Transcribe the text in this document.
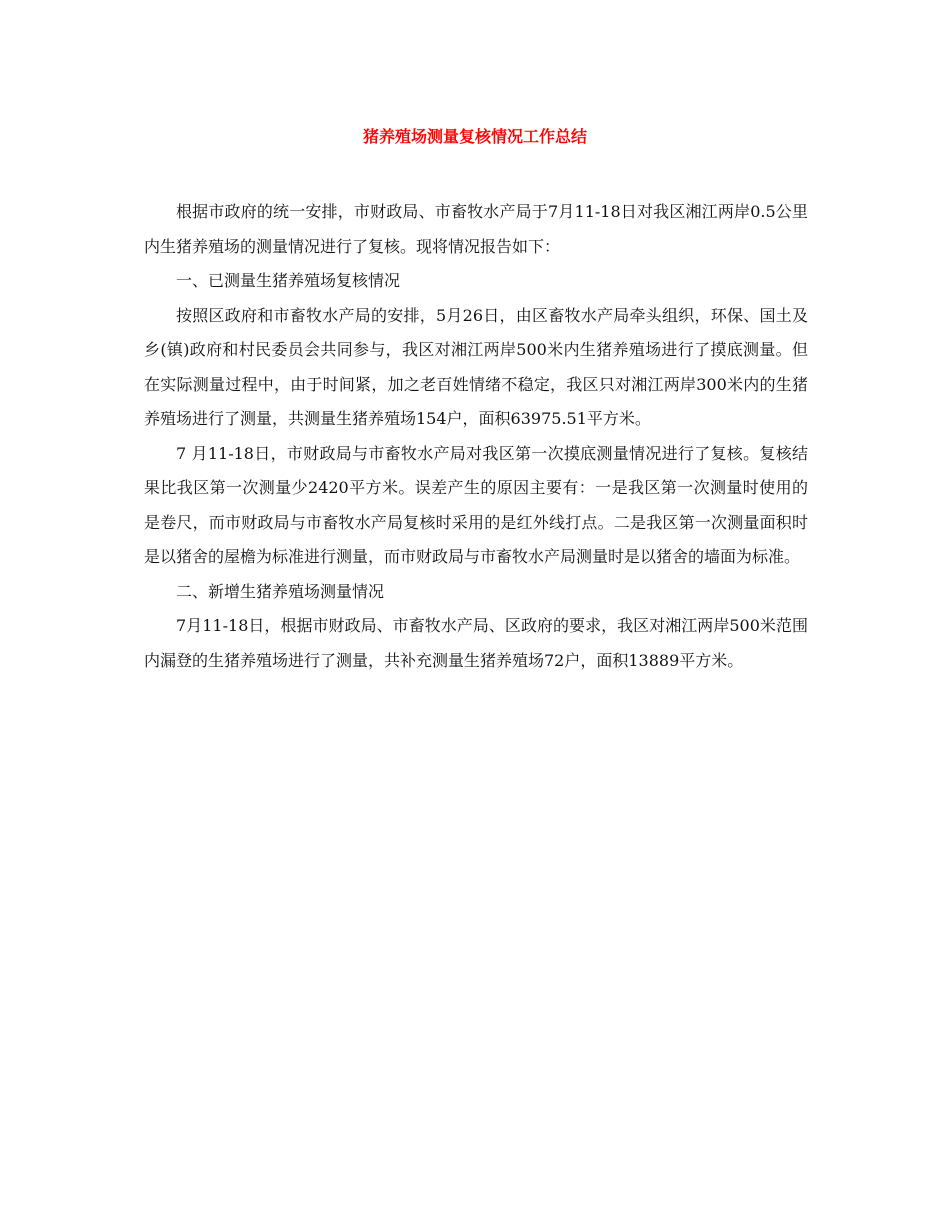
猪养殖场测量复核情况工作总结

根据市政府的统一安排，市财政局、市畜牧水产局于7月11-18日对我区湘江两岸0.5公里内生猪养殖场的测量情况进行了复核。现将情况报告如下：

一、已测量生猪养殖场复核情况

按照区政府和市畜牧水产局的安排，5月26日，由区畜牧水产局牵头组织，环保、国土及乡(镇)政府和村民委员会共同参与，我区对湘江两岸500米内生猪养殖场进行了摸底测量。但在实际测量过程中，由于时间紧，加之老百姓情绪不稳定，我区只对湘江两岸300米内的生猪养殖场进行了测量，共测量生猪养殖场154户，面积63975.51平方米。

7 月11-18日，市财政局与市畜牧水产局对我区第一次摸底测量情况进行了复核。复核结果比我区第一次测量少2420平方米。误差产生的原因主要有：一是我区第一次测量时使用的是卷尺，而市财政局与市畜牧水产局复核时采用的是红外线打点。二是我区第一次测量面积时是以猪舍的屋檐为标准进行测量，而市财政局与市畜牧水产局测量时是以猪舍的墙面为标准。

二、新增生猪养殖场测量情况

7月11-18日，根据市财政局、市畜牧水产局、区政府的要求，我区对湘江两岸500米范围内漏登的生猪养殖场进行了测量，共补充测量生猪养殖场72户，面积13889平方米。
